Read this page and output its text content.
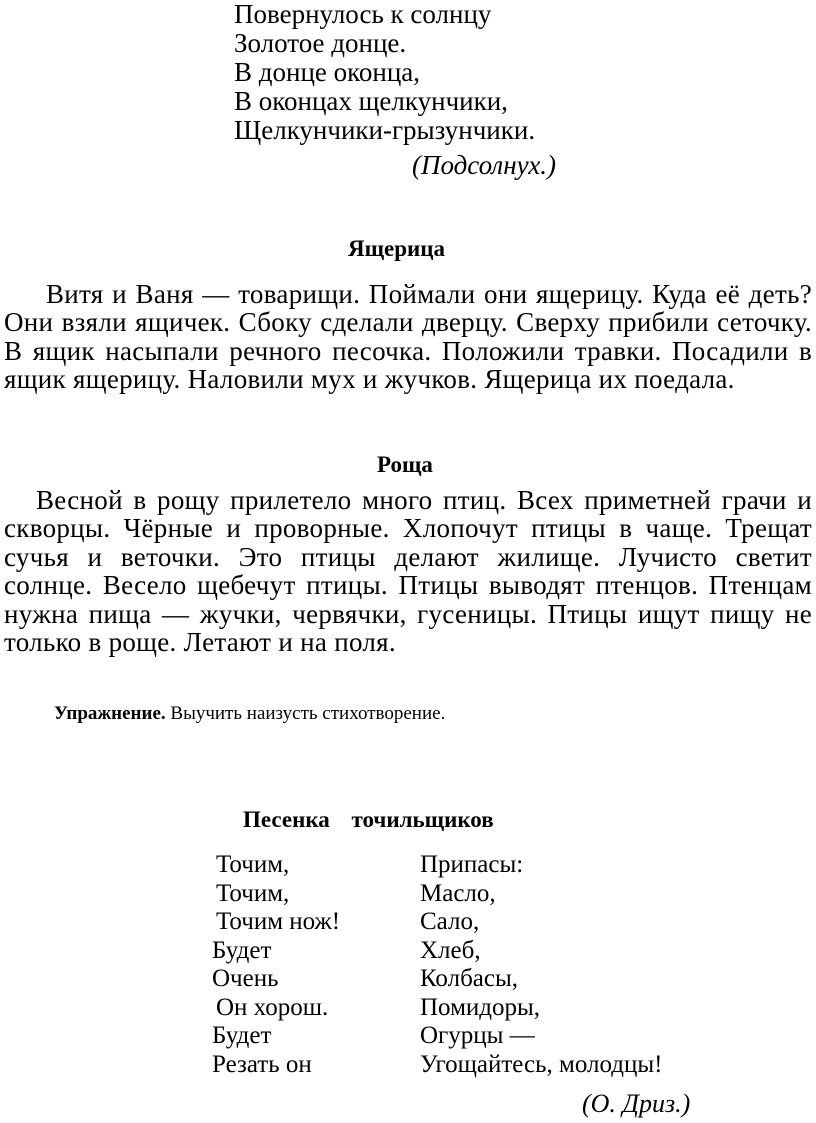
Повернулось к солнцу
Золотое донце.
В донце оконца,
В оконцах щелкунчики,
Щелкунчики-грызунчики.
(Подсолнух.)
Ящерица
Витя и Ваня — товарищи. Поймали они ящерицу. Куда её деть? Они взяли ящичек. Сбоку сделали дверцу. Сверху прибили сеточку. В ящик насыпали речного песочка. Положили травки. Посадили в ящик ящерицу. Наловили мух и жучков. Ящерица их поедала.
Роща
Весной в рощу прилетело много птиц. Всех приметней грачи и скворцы. Чёрные и проворные. Хлопочут птицы в чаще. Трещат сучья и веточки. Это птицы делают жилище. Лучисто светит солнце. Весело щебечут птицы. Птицы выводят птенцов. Птенцам нужна пища — жучки, червячки, гусеницы. Птицы ищут пищу не только в роще. Летают и на поля.
Упражнение. Выучить наизусть стихотворение.
Песенка точильщиков
Точим,
Точим,
Точим нож!
Будет
Очень
Он хорош.
Будет
Резать он
Припасы:
Масло,
Сало,
Хлеб,
Колбасы,
Помидоры,
Огурцы —
Угощайтесь, молодцы!
(О. Дриз.)
